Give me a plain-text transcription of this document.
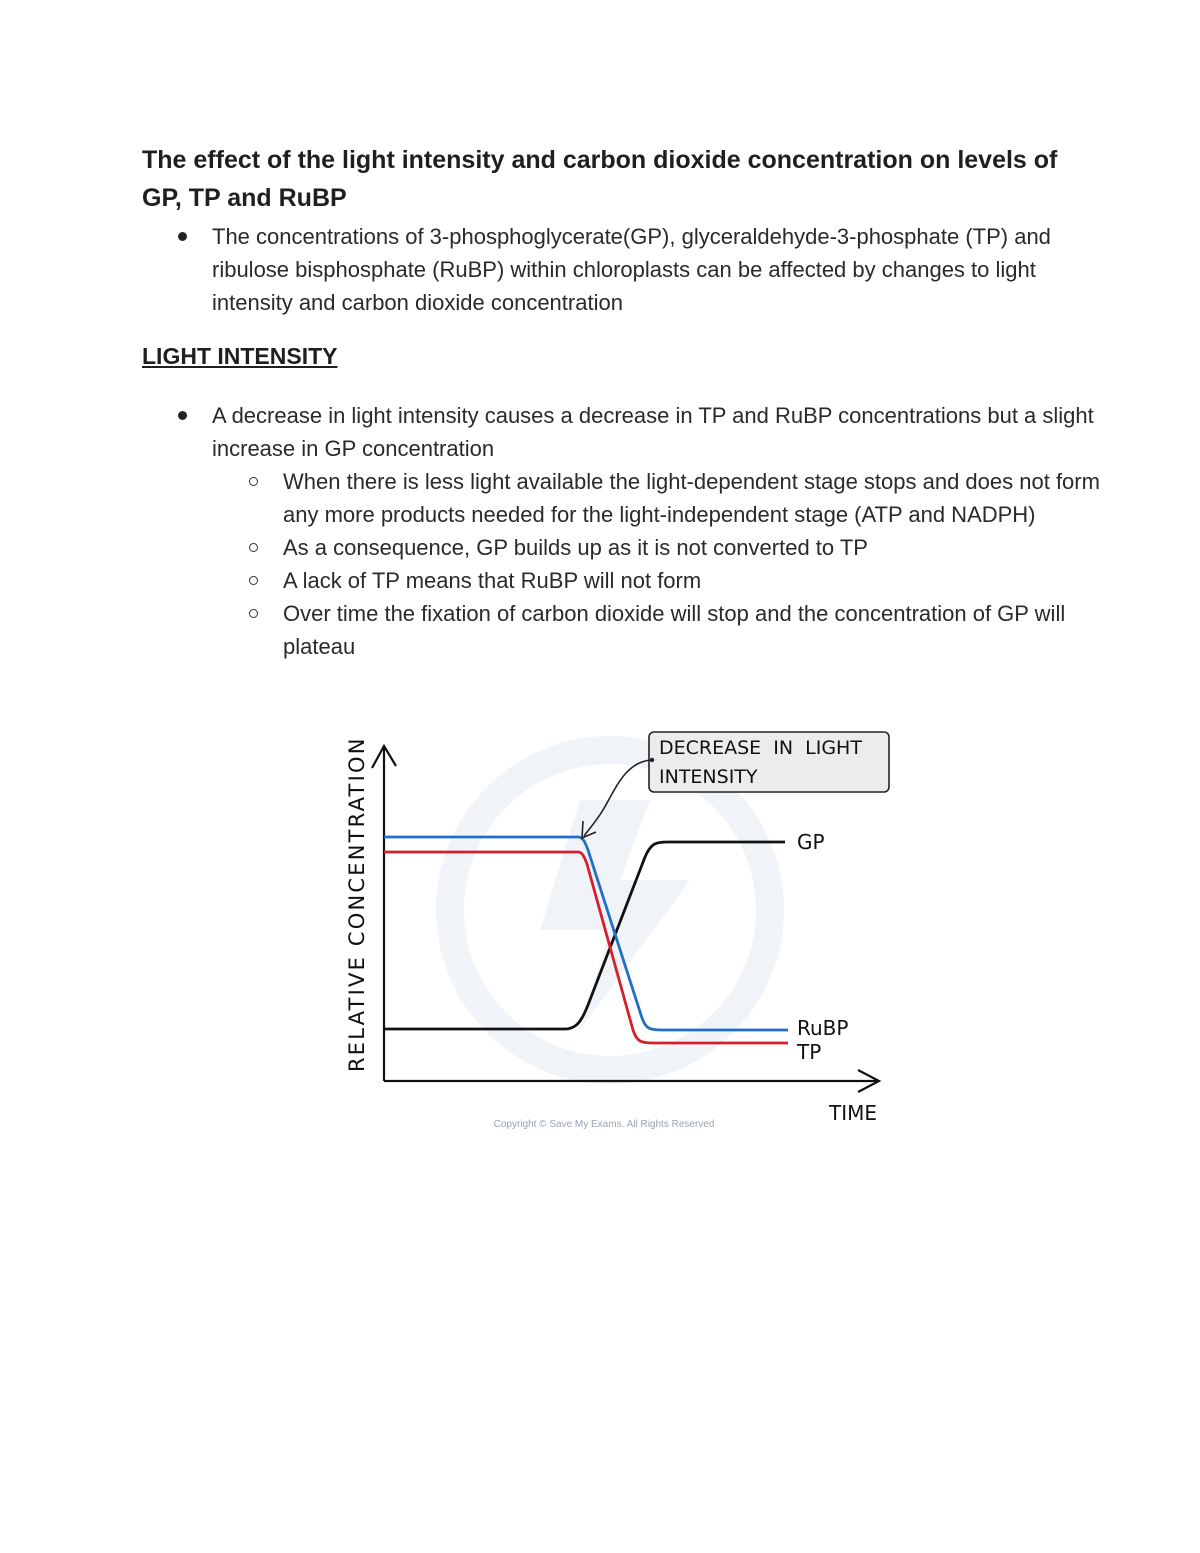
The effect of the light intensity and carbon dioxide concentration on levels of GP, TP and RuBP
The concentrations of 3-phosphoglycerate(GP), glyceraldehyde-3-phosphate (TP) and ribulose bisphosphate (RuBP) within chloroplasts can be affected by changes to light intensity and carbon dioxide concentration
LIGHT INTENSITY
A decrease in light intensity causes a decrease in TP and RuBP concentrations but a slight increase in GP concentration
When there is less light available the light-dependent stage stops and does not form any more products needed for the light-independent stage (ATP and NADPH)
As a consequence, GP builds up as it is not converted to TP
A lack of TP means that RuBP will not form
Over time the fixation of carbon dioxide will stop and the concentration of GP will plateau
RELATIVE CONCENTRATION
TIME
GP
RuBP
TP
DECREASE  IN  LIGHT
INTENSITY
Copyright © Save My Exams. All Rights Reserved
